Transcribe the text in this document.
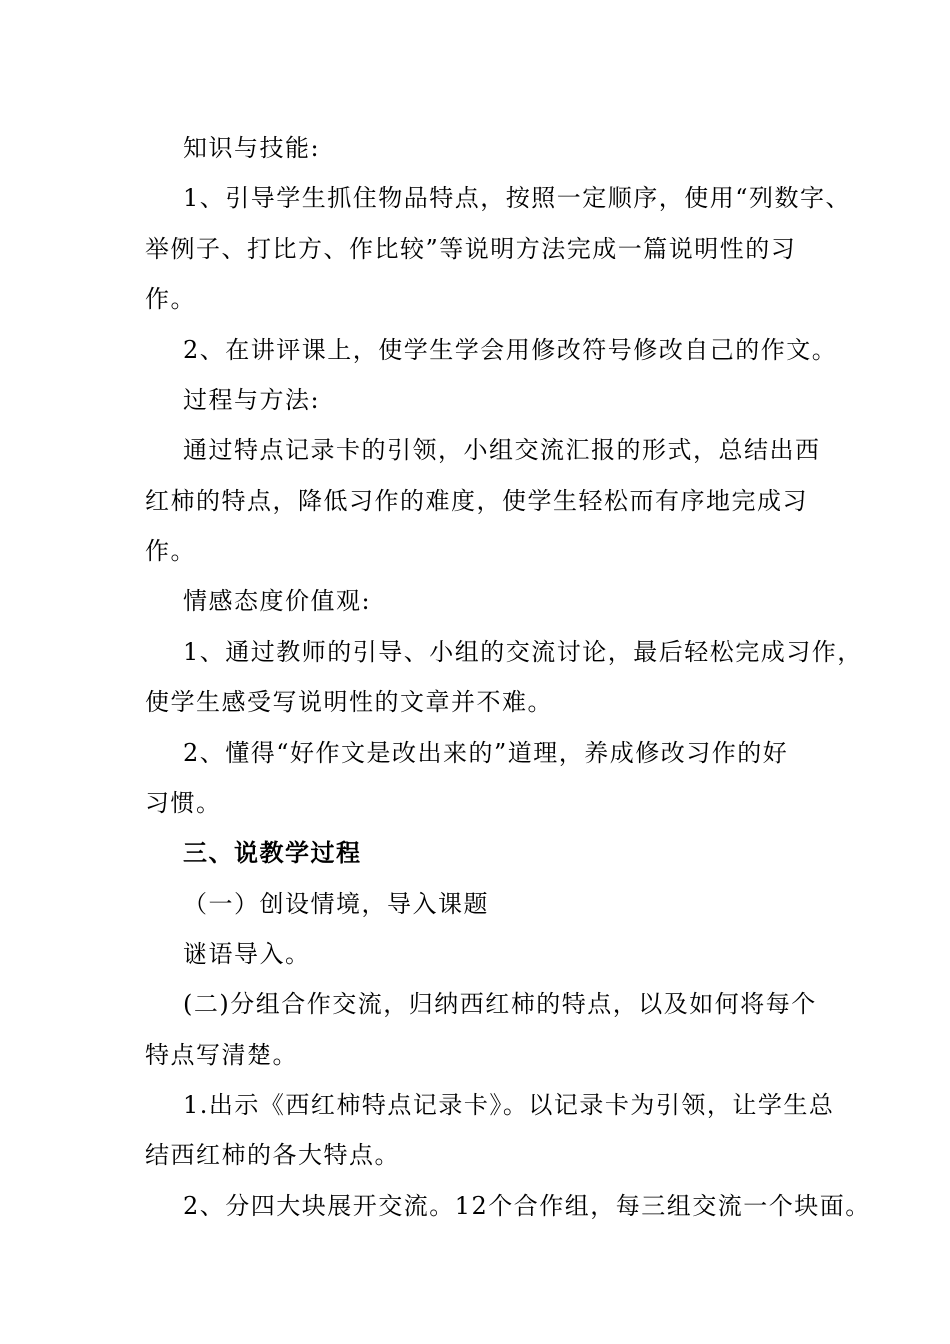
知识与技能:
1、引导学生抓住物品特点，按照一定顺序，使用“列数字、
举例子、打比方、作比较”等说明方法完成一篇说明性的习
作。
2、在讲评课上，使学生学会用修改符号修改自己的作文。
过程与方法:
通过特点记录卡的引领，小组交流汇报的形式，总结出西
红柿的特点，降低习作的难度，使学生轻松而有序地完成习
作。
情感态度价值观:
1、通过教师的引导、小组的交流讨论，最后轻松完成习作，
使学生感受写说明性的文章并不难。
2、懂得“好作文是改出来的”道理，养成修改习作的好
习惯。
三、说教学过程
（一）创设情境，导入课题
谜语导入。
(二)分组合作交流，归纳西红柿的特点，以及如何将每个
特点写清楚。
1.出示《西红柿特点记录卡》。以记录卡为引领，让学生总
结西红柿的各大特点。
2、分四大块展开交流。12个合作组，每三组交流一个块面。
